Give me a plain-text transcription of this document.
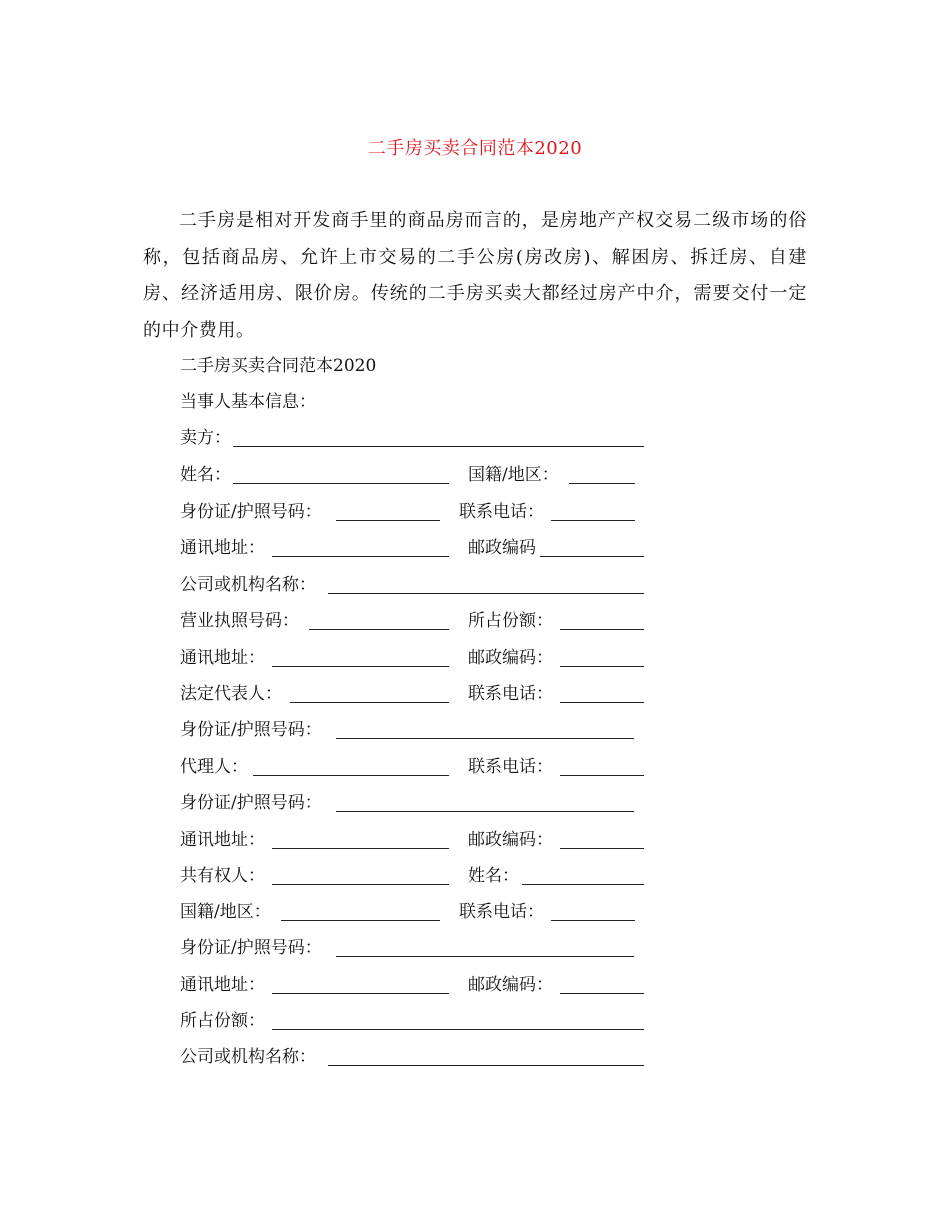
二手房买卖合同范本2020

二手房是相对开发商手里的商品房而言的，是房地产产权交易二级市场的俗称，包括商品房、允许上市交易的二手公房(房改房)、解困房、拆迁房、自建房、经济适用房、限价房。传统的二手房买卖大都经过房产中介，需要交付一定的中介费用。

二手房买卖合同范本2020
当事人基本信息：
卖方：
姓名：	国籍/地区：
身份证/护照号码：	联系电话：
通讯地址：	邮政编码
公司或机构名称：
营业执照号码：	所占份额：
通讯地址：	邮政编码：
法定代表人：	联系电话：
身份证/护照号码：
代理人：	联系电话：
身份证/护照号码：
通讯地址：	邮政编码：
共有权人：	姓名：
国籍/地区：	联系电话：
身份证/护照号码：
通讯地址：	邮政编码：
所占份额：
公司或机构名称：
